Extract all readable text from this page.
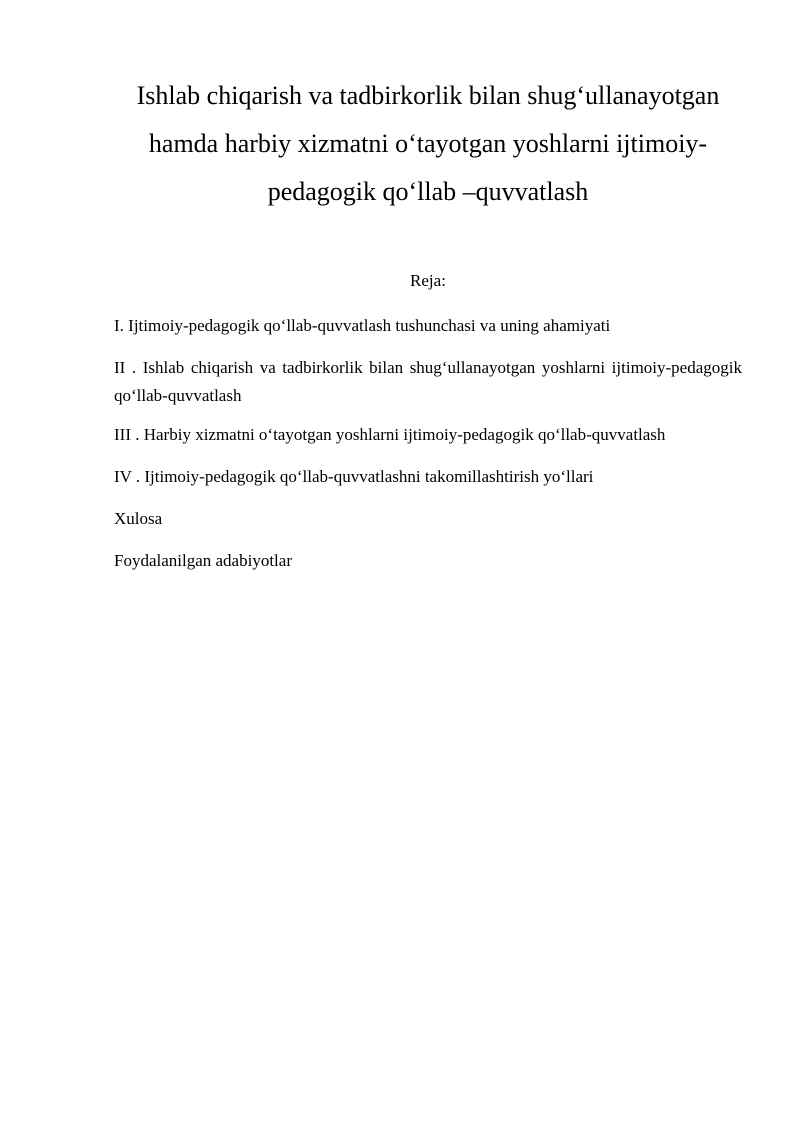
Ishlab chiqarish va tadbirkorlik bilan shug‘ullanayotgan
hamda harbiy xizmatni o‘tayotgan yoshlarni ijtimoiy-
pedagogik qo‘llab –quvvatlash
Reja:
I. Ijtimoiy-pedagogik qo‘llab-quvvatlash tushunchasi va uning ahamiyati
II . Ishlab chiqarish va tadbirkorlik bilan shug‘ullanayotgan yoshlarni ijtimoiy-pedagogik qo‘llab-quvvatlash
III . Harbiy xizmatni o‘tayotgan yoshlarni ijtimoiy-pedagogik qo‘llab-quvvatlash
IV . Ijtimoiy-pedagogik qo‘llab-quvvatlashni takomillashtirish yo‘llari
Xulosa
Foydalanilgan adabiyotlar
